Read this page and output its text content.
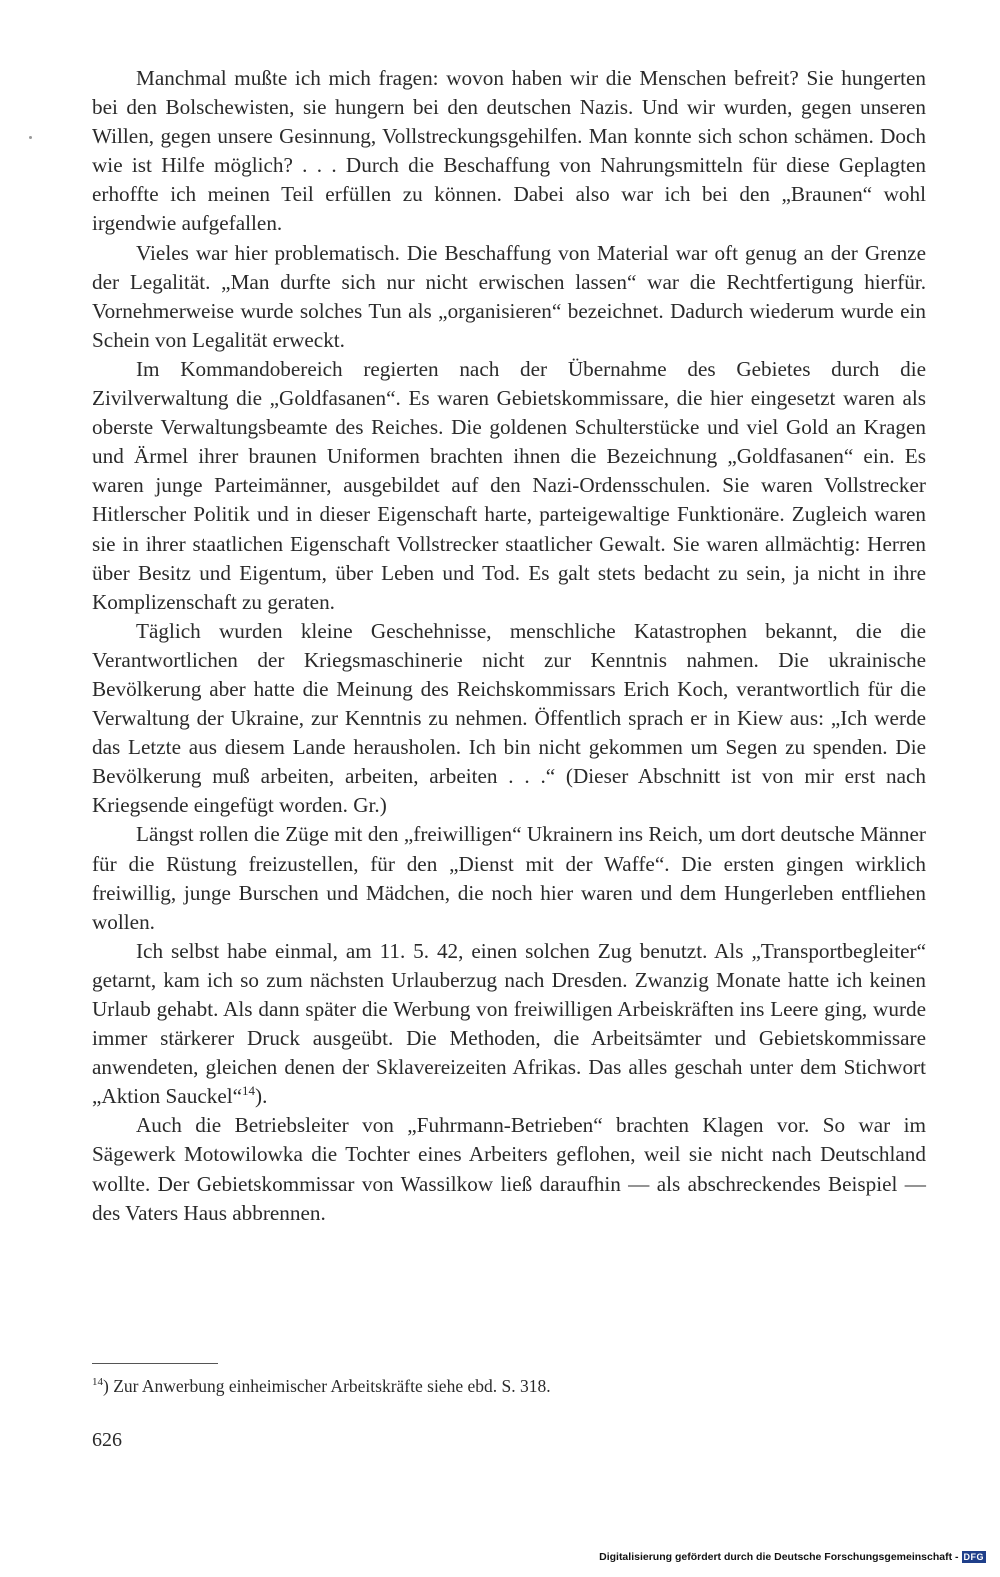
Manchmal mußte ich mich fragen: wovon haben wir die Menschen befreit? Sie hungerten bei den Bolschewisten, sie hungern bei den deutschen Nazis. Und wir wurden, gegen unseren Willen, gegen unsere Gesinnung, Vollstreckungsgehilfen. Man konnte sich schon schämen. Doch wie ist Hilfe möglich? . . . Durch die Beschaffung von Nahrungsmitteln für diese Geplagten erhoffte ich meinen Teil erfüllen zu können. Dabei also war ich bei den „Braunen“ wohl irgendwie aufgefallen.

Vieles war hier problematisch. Die Beschaffung von Material war oft genug an der Grenze der Legalität. „Man durfte sich nur nicht erwischen lassen“ war die Rechtfertigung hierfür. Vornehmerweise wurde solches Tun als „organisieren“ bezeichnet. Dadurch wiederum wurde ein Schein von Legalität erweckt.

Im Kommandobereich regierten nach der Übernahme des Gebietes durch die Zivilverwaltung die „Goldfasanen“. Es waren Gebietskommissare, die hier eingesetzt waren als oberste Verwaltungsbeamte des Reiches. Die goldenen Schulterstücke und viel Gold an Kragen und Ärmel ihrer braunen Uniformen brachten ihnen die Bezeichnung „Goldfasanen“ ein. Es waren junge Parteimänner, ausgebildet auf den Nazi-Ordensschulen. Sie waren Vollstrecker Hitlerscher Politik und in dieser Eigenschaft harte, parteigewaltige Funktionäre. Zugleich waren sie in ihrer staatlichen Eigenschaft Vollstrecker staatlicher Gewalt. Sie waren allmächtig: Herren über Besitz und Eigentum, über Leben und Tod. Es galt stets bedacht zu sein, ja nicht in ihre Komplizenschaft zu geraten.

Täglich wurden kleine Geschehnisse, menschliche Katastrophen bekannt, die die Verantwortlichen der Kriegsmaschinerie nicht zur Kenntnis nahmen. Die ukrainische Bevölkerung aber hatte die Meinung des Reichskommissars Erich Koch, verantwortlich für die Verwaltung der Ukraine, zur Kenntnis zu nehmen. Öffentlich sprach er in Kiew aus: „Ich werde das Letzte aus diesem Lande herausholen. Ich bin nicht gekommen um Segen zu spenden. Die Bevölkerung muß arbeiten, arbeiten, arbeiten . . .“ (Dieser Abschnitt ist von mir erst nach Kriegsende eingefügt worden. Gr.)

Längst rollen die Züge mit den „freiwilligen“ Ukrainern ins Reich, um dort deutsche Männer für die Rüstung freizustellen, für den „Dienst mit der Waffe“. Die ersten gingen wirklich freiwillig, junge Burschen und Mädchen, die noch hier waren und dem Hungerleben entfliehen wollen.

Ich selbst habe einmal, am 11. 5. 42, einen solchen Zug benutzt. Als „Transportbegleiter“ getarnt, kam ich so zum nächsten Urlauberzug nach Dresden. Zwanzig Monate hatte ich keinen Urlaub gehabt. Als dann später die Werbung von freiwilligen Arbeiskräften ins Leere ging, wurde immer stärkerer Druck ausgeübt. Die Methoden, die Arbeitsämter und Gebietskommissare anwendeten, gleichen denen der Sklavereizeiten Afrikas. Das alles geschah unter dem Stichwort „Aktion Sauckel“$^{14}$).

Auch die Betriebsleiter von „Fuhrmann-Betrieben“ brachten Klagen vor. So war im Sägewerk Motowilowka die Tochter eines Arbeiters geflohen, weil sie nicht nach Deutschland wollte. Der Gebietskommissar von Wassilkow ließ daraufhin — als abschreckendes Beispiel — des Vaters Haus abbrennen.

$^{14}$) Zur Anwerbung einheimischer Arbeitskräfte siehe ebd. S. 318.

626
Digitalisierung gefördert durch die Deutsche Forschungsgemeinschaft - DFG
